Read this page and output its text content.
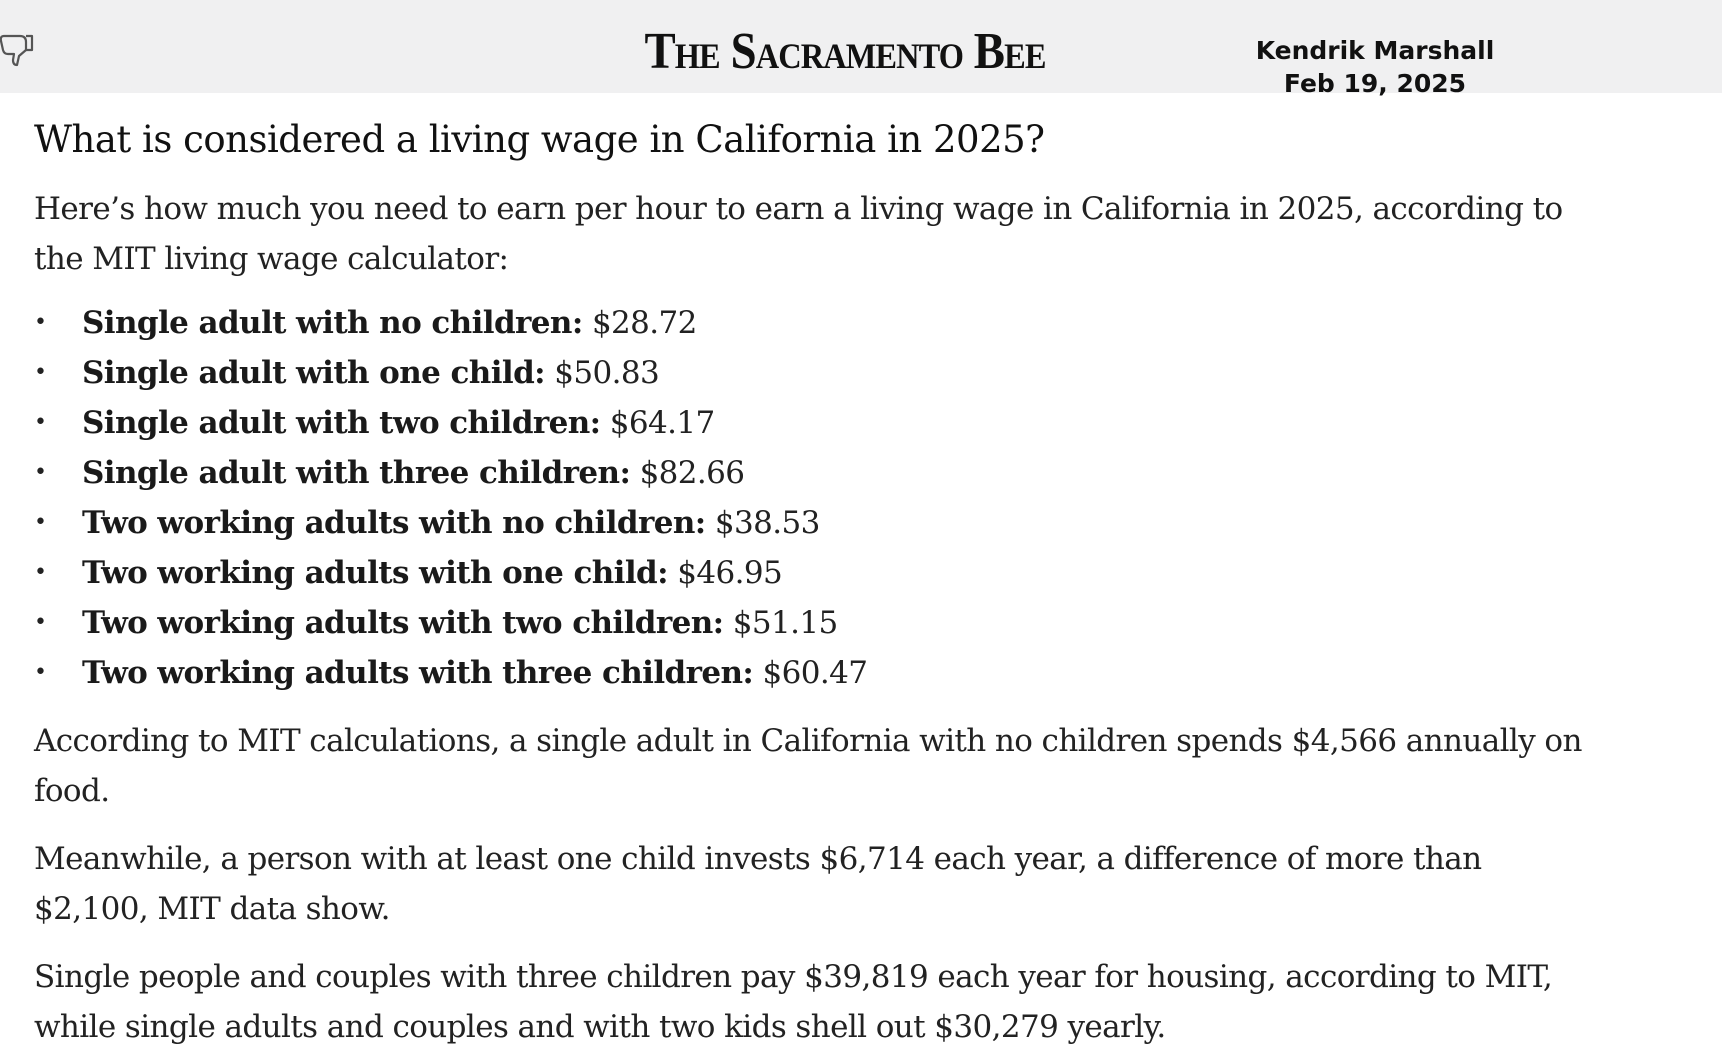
The Sacramento Bee	Kendrik Marshall
Feb 19, 2025
What is considered a living wage in California in 2025?

Here’s how much you need to earn per hour to earn a living wage in California in 2025, according to the MIT living wage calculator:

• Single adult with no children: $28.72
• Single adult with one child: $50.83
• Single adult with two children: $64.17
• Single adult with three children: $82.66
• Two working adults with no children: $38.53
• Two working adults with one child: $46.95
• Two working adults with two children: $51.15
• Two working adults with three children: $60.47

According to MIT calculations, a single adult in California with no children spends $4,566 annually on food.

Meanwhile, a person with at least one child invests $6,714 each year, a difference of more than $2,100, MIT data show.

Single people and couples with three children pay $39,819 each year for housing, according to MIT, while single adults and couples and with two kids shell out $30,279 yearly.
